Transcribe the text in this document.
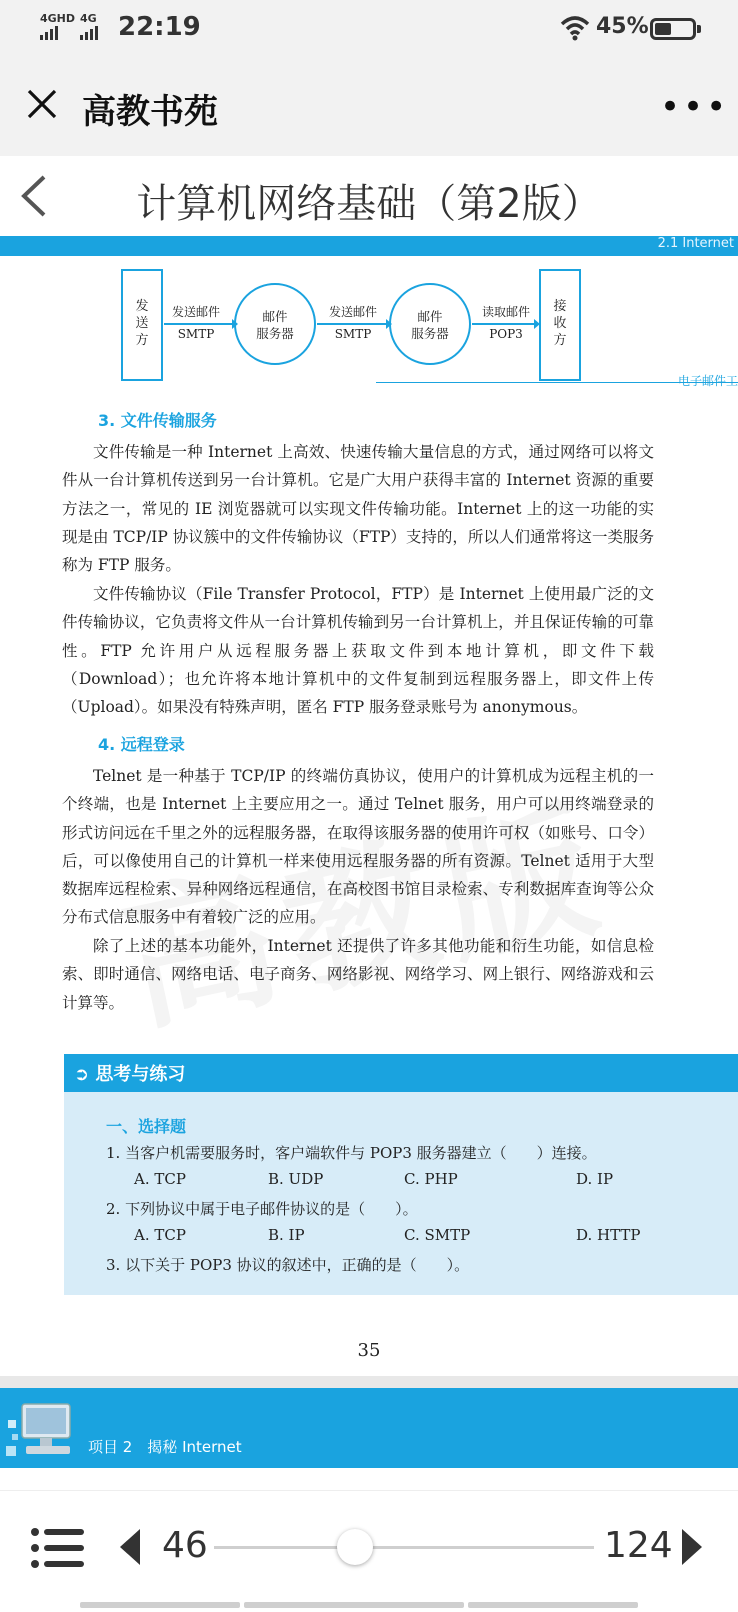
4GHD 4G 22:19	45%
高教书苑	•••
计算机网络基础（第2版）
2.1 Internet
发送方
接收方
邮件服务器
邮件服务器
发送邮件
SMTP
发送邮件
SMTP
读取邮件
POP3
电子邮件工
3. 文件传输服务
文件传输是一种 Internet 上高效、快速传输大量信息的方式，通过网络可以将文件从一台计算机传送到另一台计算机。它是广大用户获得丰富的 Internet 资源的重要方法之一，常见的 IE 浏览器就可以实现文件传输功能。Internet 上的这一功能的实现是由 TCP/IP 协议簇中的文件传输协议（FTP）支持的，所以人们通常将这一类服务称为 FTP 服务。
文件传输协议（File Transfer Protocol，FTP）是 Internet 上使用最广泛的文件传输协议，它负责将文件从一台计算机传输到另一台计算机上，并且保证传输的可靠性。FTP 允许用户从远程服务器上获取文件到本地计算机，即文件下载（Download）；也允许将本地计算机中的文件复制到远程服务器上，即文件上传（Upload）。如果没有特殊声明，匿名 FTP 服务登录账号为 anonymous。
4. 远程登录
Telnet 是一种基于 TCP/IP 的终端仿真协议，使用户的计算机成为远程主机的一个终端，也是 Internet 上主要应用之一。通过 Telnet 服务，用户可以用终端登录的形式访问远在千里之外的远程服务器，在取得该服务器的使用许可权（如账号、口令）后，可以像使用自己的计算机一样来使用远程服务器的所有资源。Telnet 适用于大型数据库远程检索、异种网络远程通信，在高校图书馆目录检索、专利数据库查询等公众分布式信息服务中有着较广泛的应用。
除了上述的基本功能外，Internet 还提供了许多其他功能和衍生功能，如信息检索、即时通信、网络电话、电子商务、网络影视、网络学习、网上银行、网络游戏和云计算等。
➲ 思考与练习
一、选择题
1. 当客户机需要服务时，客户端软件与 POP3 服务器建立（　　）连接。
A. TCP	B. UDP	C. PHP	D. IP
2. 下列协议中属于电子邮件协议的是（　　）。
A. TCP	B. IP	C. SMTP	D. HTTP
3. 以下关于 POP3 协议的叙述中，正确的是（　　）。
35
项目 2　揭秘 Internet
46	124
